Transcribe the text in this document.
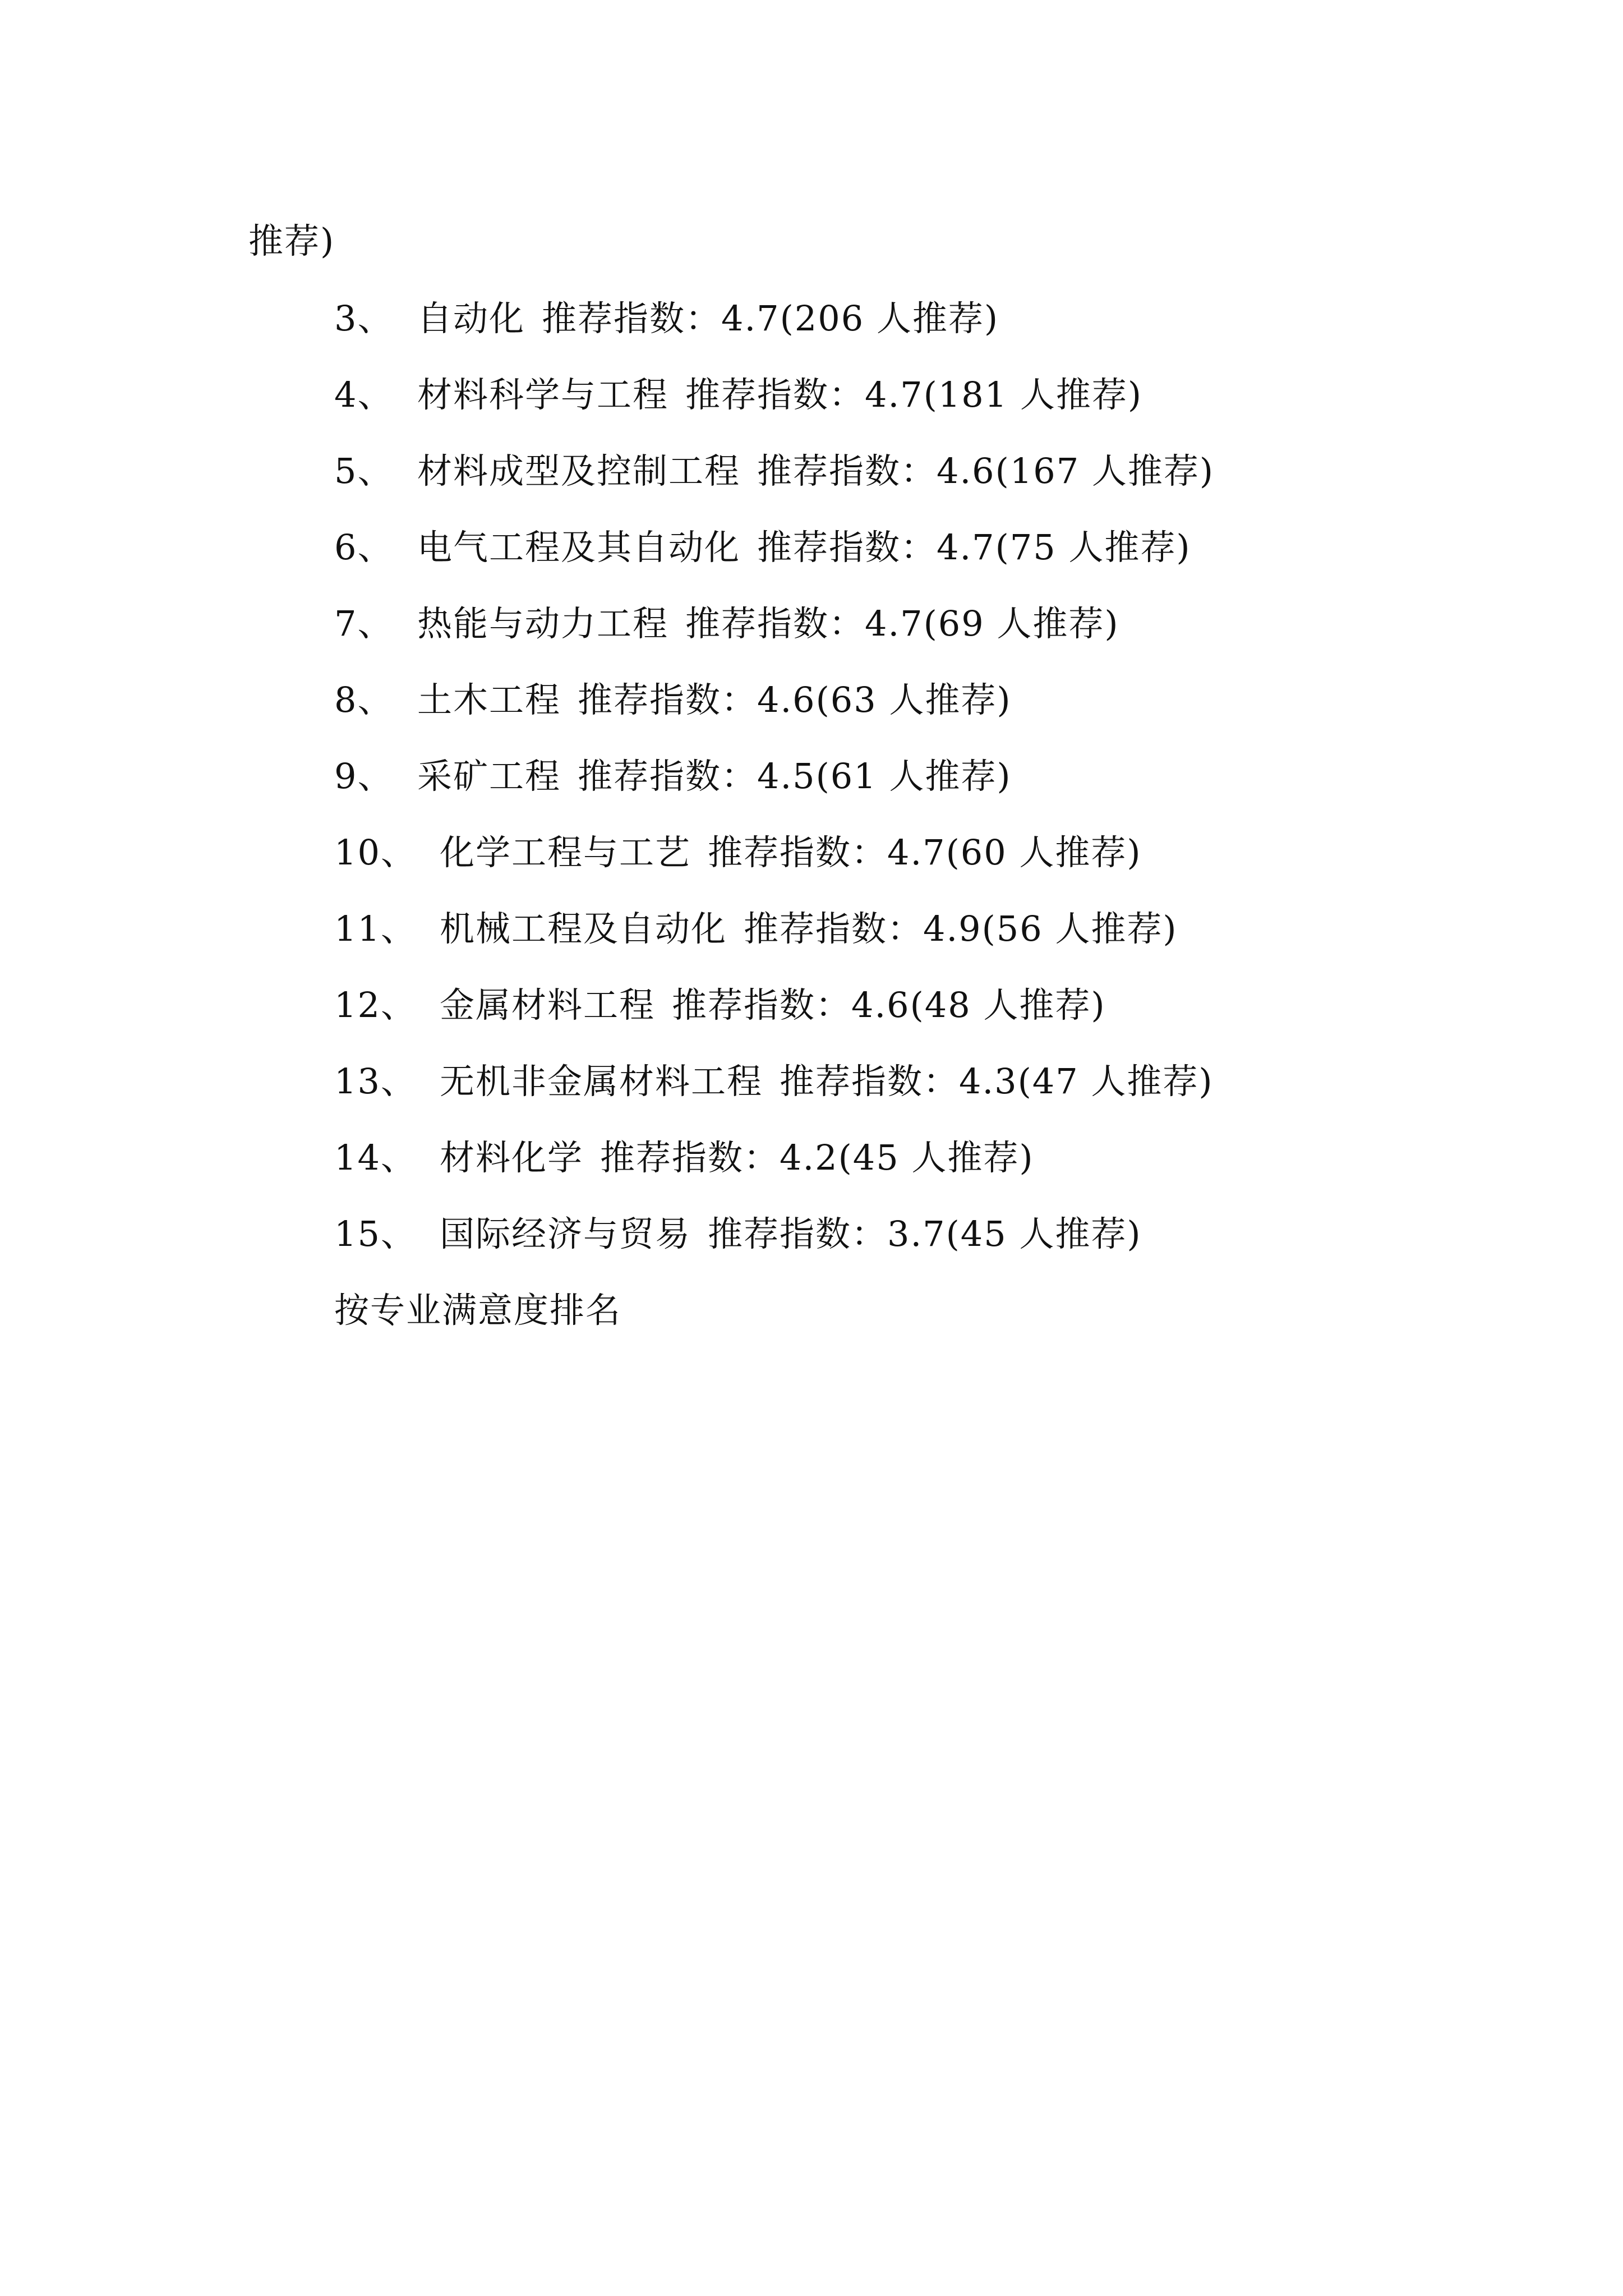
推荐)
3、 自动化 推荐指数：4.7(206 人推荐)
4、 材料科学与工程 推荐指数：4.7(181 人推荐)
5、 材料成型及控制工程 推荐指数：4.6(167 人推荐)
6、 电气工程及其自动化 推荐指数：4.7(75 人推荐)
7、 热能与动力工程 推荐指数：4.7(69 人推荐)
8、 土木工程 推荐指数：4.6(63 人推荐)
9、 采矿工程 推荐指数：4.5(61 人推荐)
10、 化学工程与工艺 推荐指数：4.7(60 人推荐)
11、 机械工程及自动化 推荐指数：4.9(56 人推荐)
12、 金属材料工程 推荐指数：4.6(48 人推荐)
13、 无机非金属材料工程 推荐指数：4.3(47 人推荐)
14、 材料化学 推荐指数：4.2(45 人推荐)
15、 国际经济与贸易 推荐指数：3.7(45 人推荐)
按专业满意度排名
